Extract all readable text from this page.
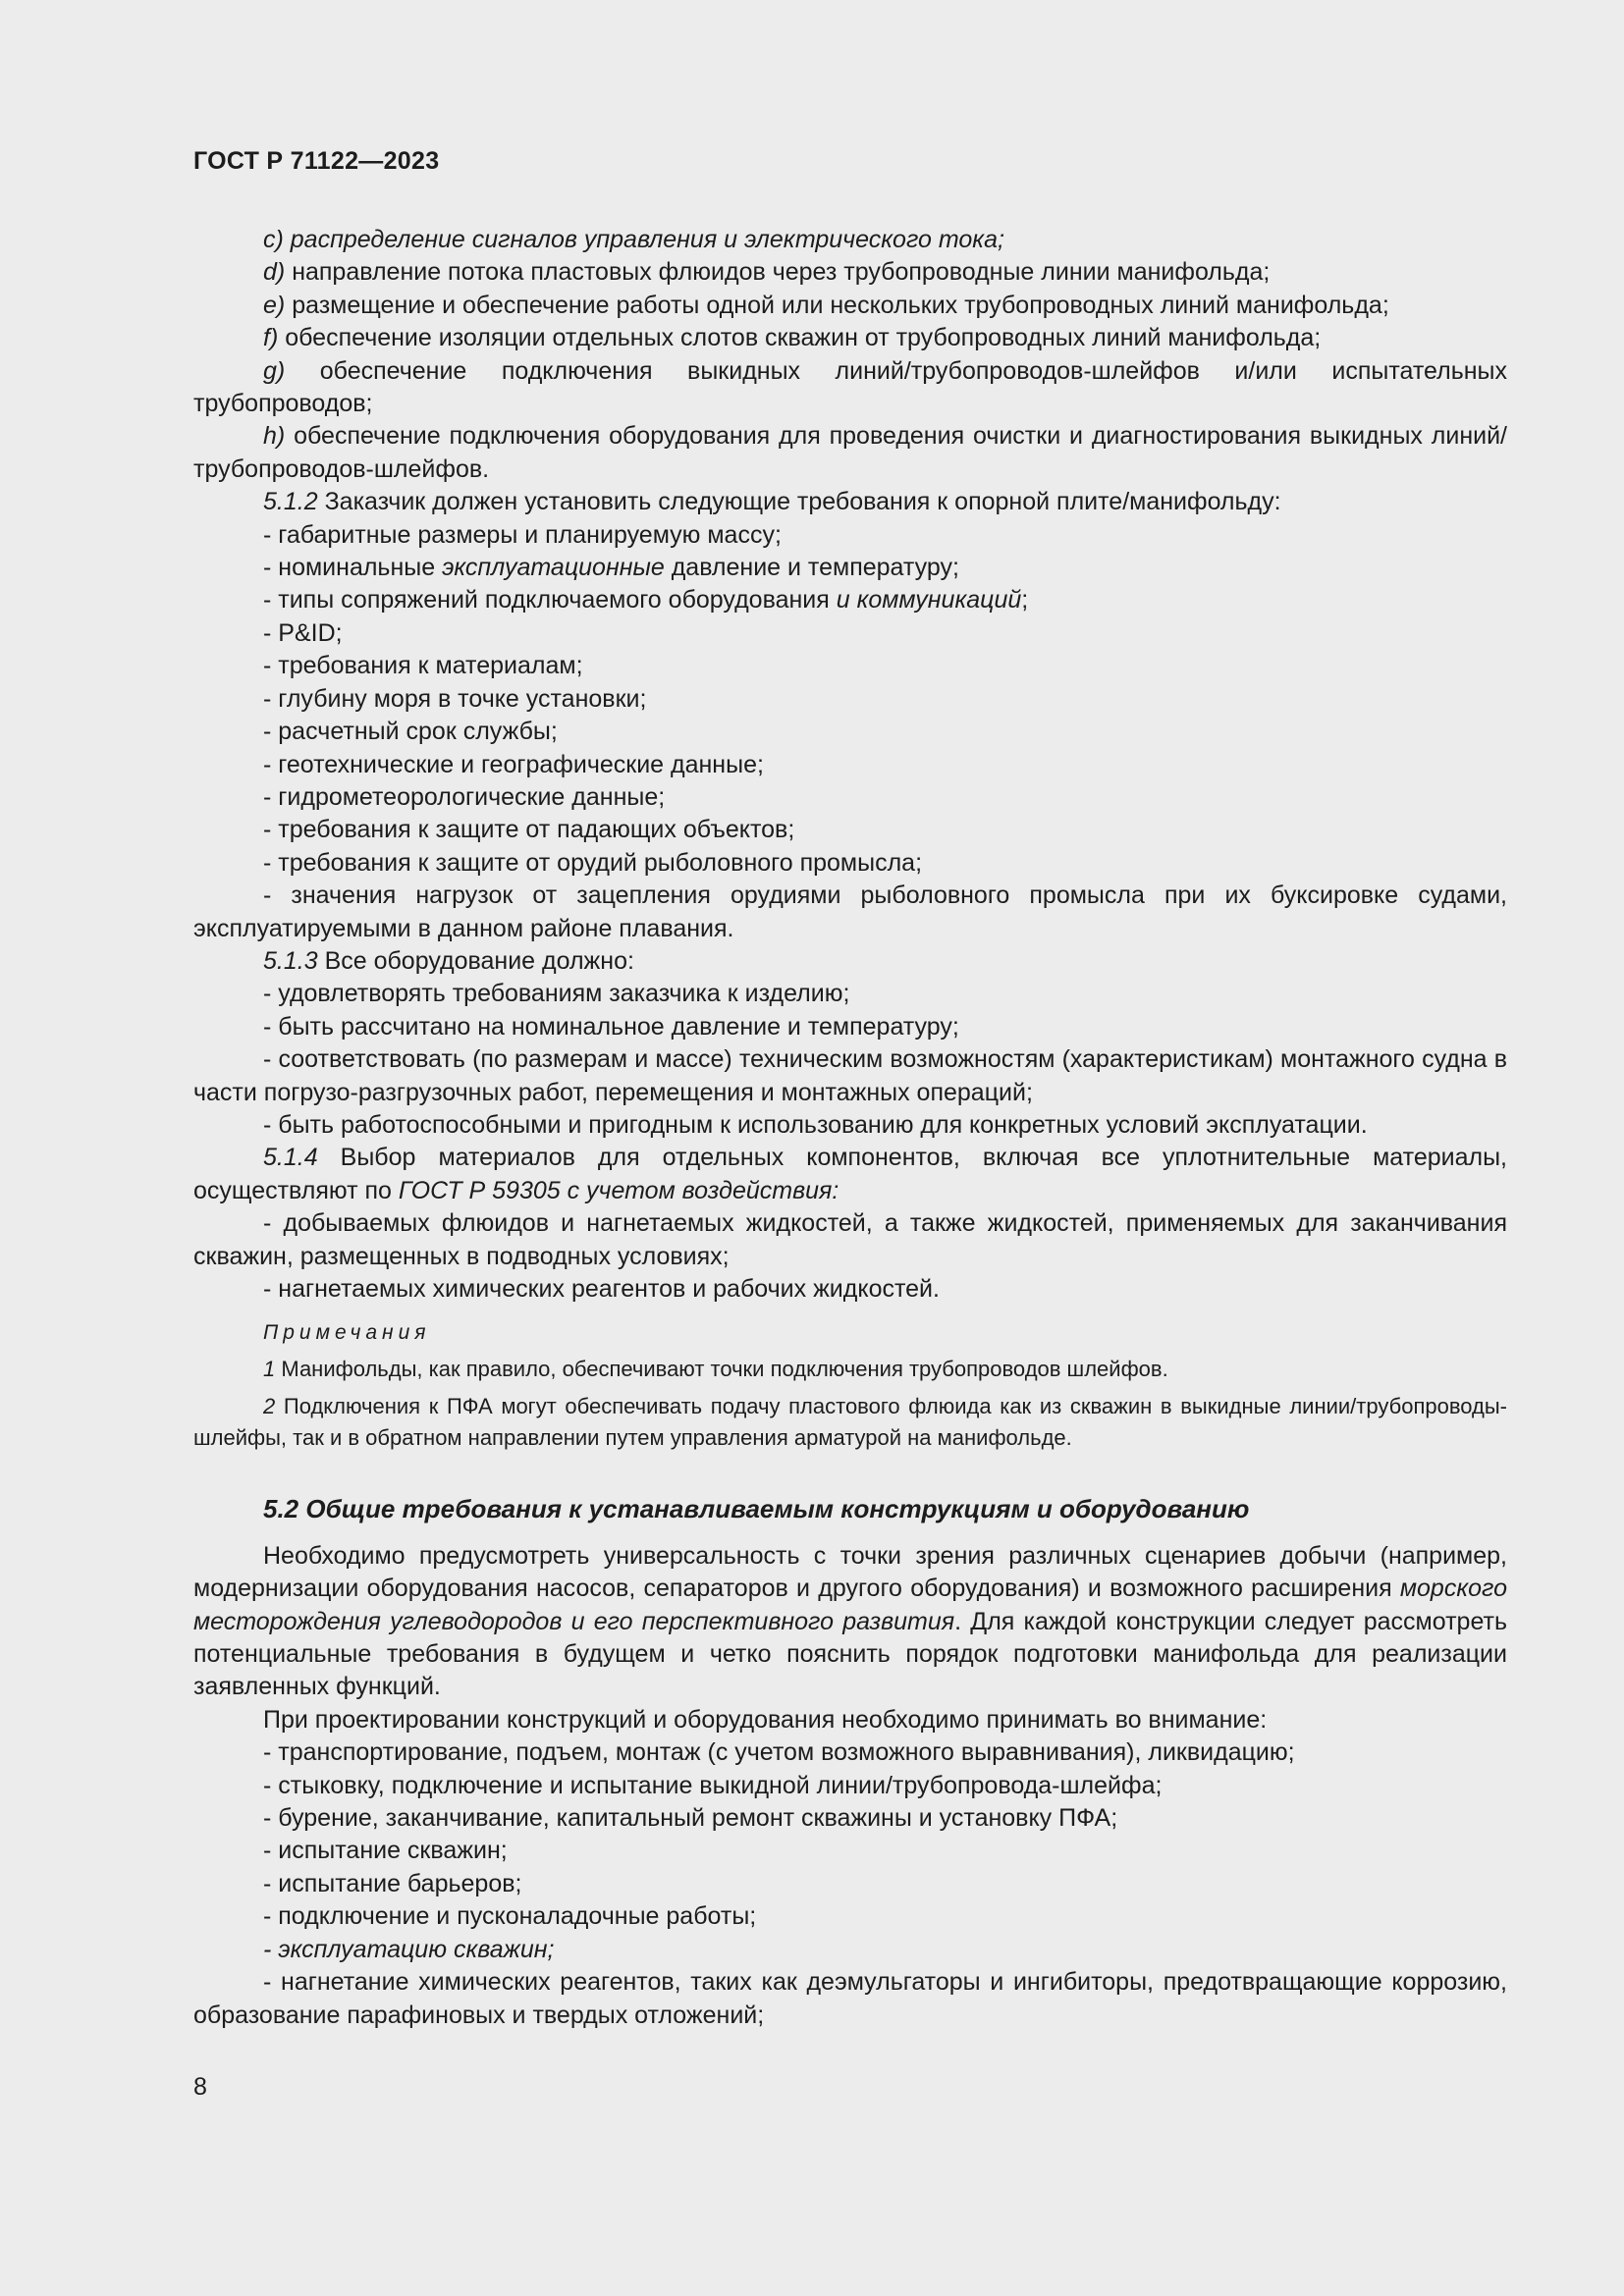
ГОСТ Р 71122—2023
c) распределение сигналов управления и электрического тока;
d) направление потока пластовых флюидов через трубопроводные линии манифольда;
e) размещение и обеспечение работы одной или нескольких трубопроводных линий манифольда;
f) обеспечение изоляции отдельных слотов скважин от трубопроводных линий манифольда;
g) обеспечение подключения выкидных линий/трубопроводов-шлейфов и/или испытательных трубопроводов;
h) обеспечение подключения оборудования для проведения очистки и диагностирования выкидных линий/трубопроводов-шлейфов.
5.1.2 Заказчик должен установить следующие требования к опорной плите/манифольду:
- габаритные размеры и планируемую массу;
- номинальные эксплуатационные давление и температуру;
- типы сопряжений подключаемого оборудования и коммуникаций;
- P&ID;
- требования к материалам;
- глубину моря в точке установки;
- расчетный срок службы;
- геотехнические и географические данные;
- гидрометеорологические данные;
- требования к защите от падающих объектов;
- требования к защите от орудий рыболовного промысла;
- значения нагрузок от зацепления орудиями рыболовного промысла при их буксировке судами, эксплуатируемыми в данном районе плавания.
5.1.3 Все оборудование должно:
- удовлетворять требованиям заказчика к изделию;
- быть рассчитано на номинальное давление и температуру;
- соответствовать (по размерам и массе) техническим возможностям (характеристикам) монтажного судна в части погрузо-разгрузочных работ, перемещения и монтажных операций;
- быть работоспособными и пригодным к использованию для конкретных условий эксплуатации.
5.1.4 Выбор материалов для отдельных компонентов, включая все уплотнительные материалы, осуществляют по ГОСТ Р 59305 с учетом воздействия:
- добываемых флюидов и нагнетаемых жидкостей, а также жидкостей, применяемых для заканчивания скважин, размещенных в подводных условиях;
- нагнетаемых химических реагентов и рабочих жидкостей.
Примечания
1 Манифольды, как правило, обеспечивают точки подключения трубопроводов шлейфов.
2 Подключения к ПФА могут обеспечивать подачу пластового флюида как из скважин в выкидные линии/трубопроводы-шлейфы, так и в обратном направлении путем управления арматурой на манифольде.
5.2 Общие требования к устанавливаемым конструкциям и оборудованию
Необходимо предусмотреть универсальность с точки зрения различных сценариев добычи (например, модернизации оборудования насосов, сепараторов и другого оборудования) и возможного расширения морского месторождения углеводородов и его перспективного развития. Для каждой конструкции следует рассмотреть потенциальные требования в будущем и четко пояснить порядок подготовки манифольда для реализации заявленных функций.
При проектировании конструкций и оборудования необходимо принимать во внимание:
- транспортирование, подъем, монтаж (с учетом возможного выравнивания), ликвидацию;
- стыковку, подключение и испытание выкидной линии/трубопровода-шлейфа;
- бурение, заканчивание, капитальный ремонт скважины и установку ПФА;
- испытание скважин;
- испытание барьеров;
- подключение и пусконаладочные работы;
- эксплуатацию скважин;
- нагнетание химических реагентов, таких как деэмульгаторы и ингибиторы, предотвращающие коррозию, образование парафиновых и твердых отложений;
8
